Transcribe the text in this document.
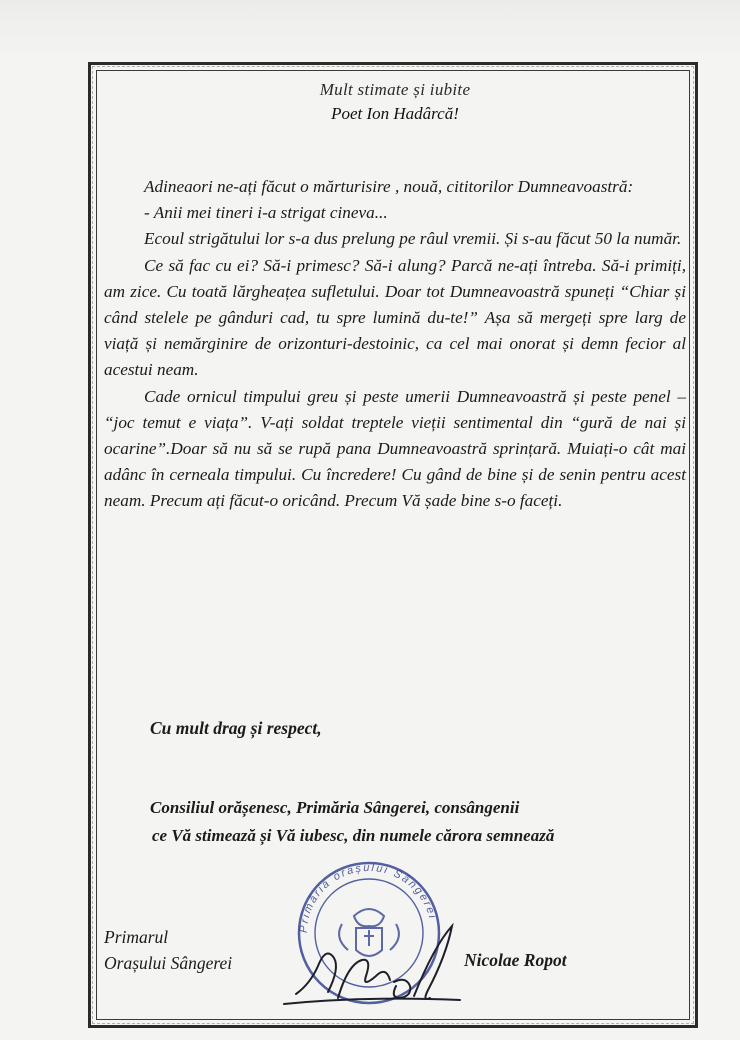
Mult stimate și iubite
Poet Ion Hadârcă!

Adineaori ne-ați făcut o mărturisire , nouă, cititorilor Dumneavoastră:

- Anii mei tineri i-a strigat cineva...

Ecoul strigătului lor s-a dus prelung pe râul vremii. Și s-au făcut 50 la număr.

Ce să fac cu ei? Să-i primesc? Să-i alung? Parcă ne-ați întreba. Să-i primiți, am zice. Cu toată lărgheațea sufletului. Doar tot Dumneavoastră spuneți “Chiar și când stelele pe gânduri cad, tu spre lumină du-te!” Așa să mergeți spre larg de viață și nemărginire de orizonturi-destoinic, ca cel mai onorat și demn fecior al acestui neam.

Cade ornicul timpului greu și peste umerii Dumneavoastră și peste penel – “joc temut e viața”. V-ați soldat treptele vieții sentimental din “gură de nai și ocarine”.Doar să nu să se rupă pana Dumneavoastră sprințară. Muiați-o cât mai adânc în cerneala timpului. Cu încredere! Cu gând de bine și de senin pentru acest neam. Precum ați făcut-o oricând. Precum Vă șade bine s-o faceți.

Cu mult drag și respect,
Consiliul orășenesc, Primăria Sângerei, consângenii
ce Vă stimează și Vă iubesc, din numele cărora semnează
Primăria orașului Sângerei
Primarul
Orașului Sângerei	Nicolae Ropot
